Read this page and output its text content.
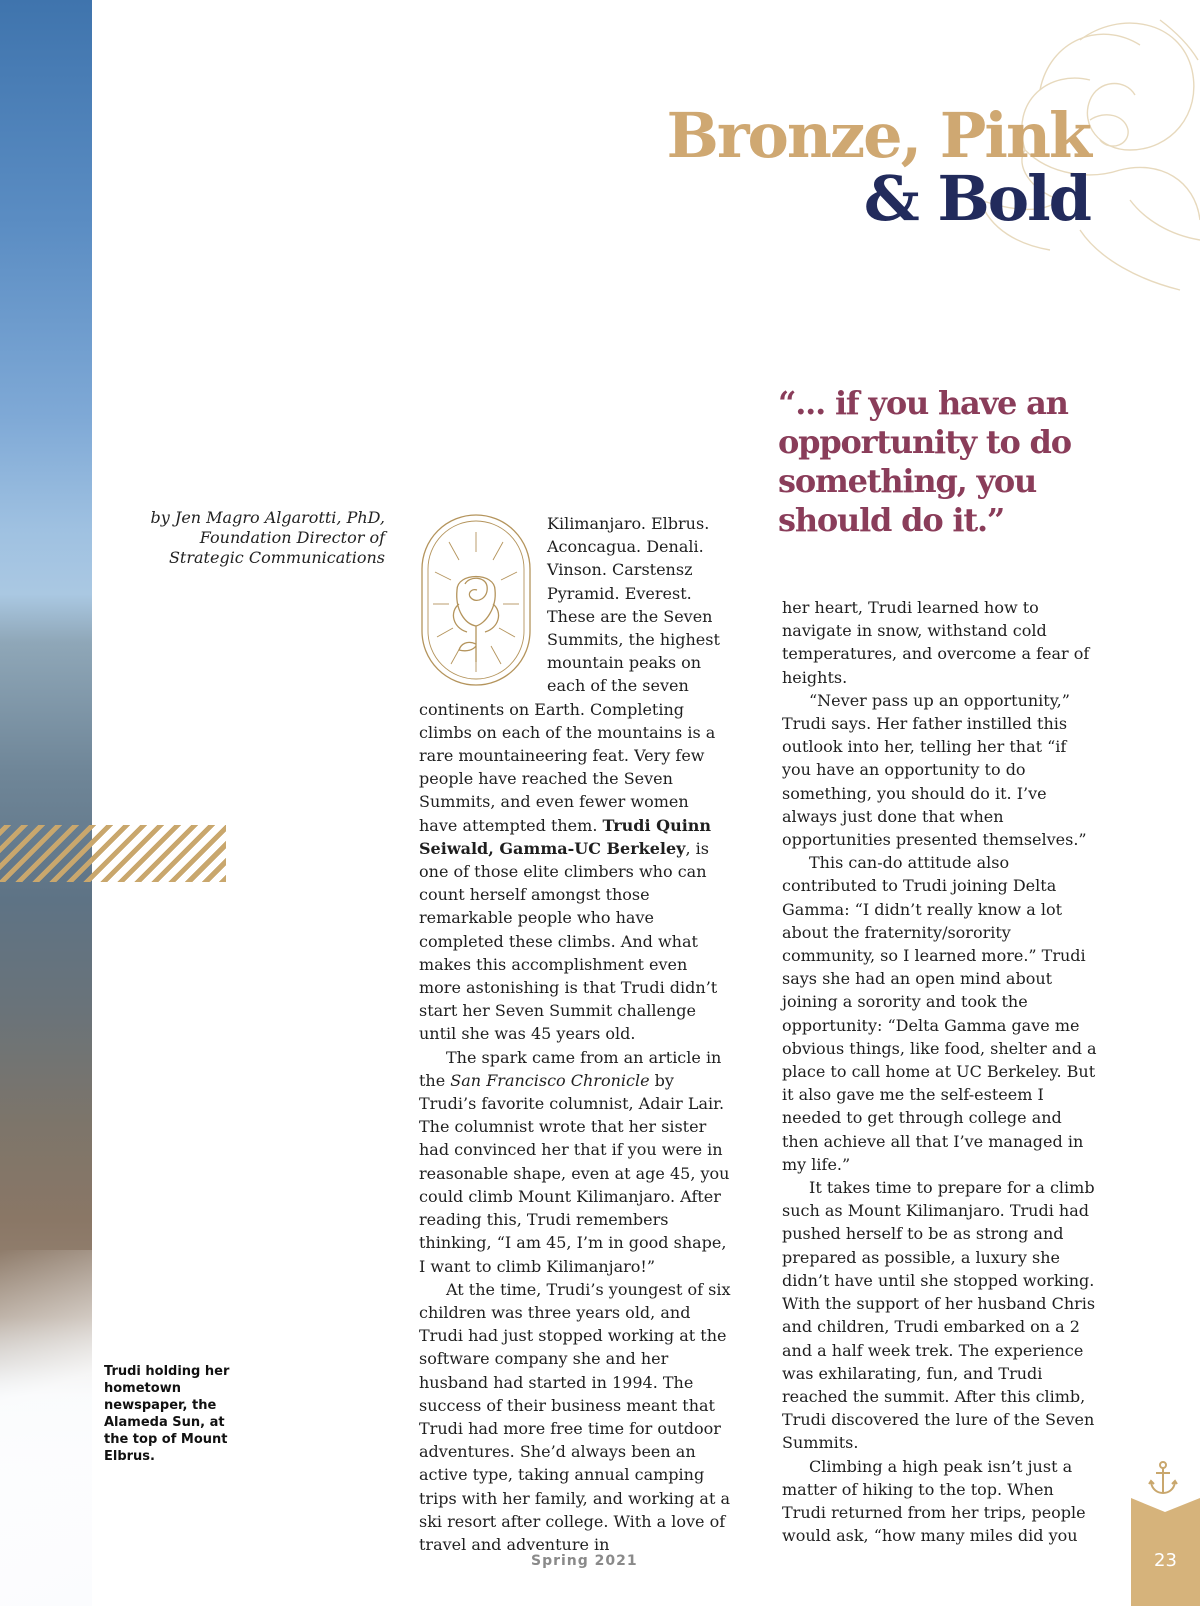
Bronze, Pink
& Bold
“... if you have an opportunity to do something, you should do it.”
by Jen Magro Algarotti, PhD, Foundation Director of Strategic Communications
Trudi holding her hometown newspaper, the Alameda Sun, at the top of Mount Elbrus.

Kilimanjaro. Elbrus. Aconcagua. Denali. Vinson. Carstensz Pyramid. Everest. These are the Seven Summits, the highest mountain peaks on each of the seven continents on Earth. Completing climbs on each of the mountains is a rare mountaineering feat. Very few people have reached the Seven Summits, and even fewer women have attempted them. Trudi Quinn Seiwald, Gamma-UC Berkeley, is one of those elite climbers who can count herself amongst those remarkable people who have completed these climbs. And what makes this accomplishment even more astonishing is that Trudi didn’t start her Seven Summit challenge until she was 45 years old.

The spark came from an article in the San Francisco Chronicle by Trudi’s favorite columnist, Adair Lair. The columnist wrote that her sister had convinced her that if you were in reasonable shape, even at age 45, you could climb Mount Kilimanjaro. After reading this, Trudi remembers thinking, “I am 45, I’m in good shape, I want to climb Kilimanjaro!”

At the time, Trudi’s youngest of six children was three years old, and Trudi had just stopped working at the software company she and her husband had started in 1994. The success of their business meant that Trudi had more free time for outdoor adventures. She’d always been an active type, taking annual camping trips with her family, and working at a ski resort after college. With a love of travel and adventure in

her heart, Trudi learned how to navigate in snow, withstand cold temperatures, and overcome a fear of heights.

“Never pass up an opportunity,” Trudi says. Her father instilled this outlook into her, telling her that “if you have an opportunity to do something, you should do it. I’ve always just done that when opportunities presented themselves.”

This can-do attitude also contributed to Trudi joining Delta Gamma: “I didn’t really know a lot about the fraternity/sorority community, so I learned more.” Trudi says she had an open mind about joining a sorority and took the opportunity: “Delta Gamma gave me obvious things, like food, shelter and a place to call home at UC Berkeley. But it also gave me the self-esteem I needed to get through college and then achieve all that I’ve managed in my life.”

It takes time to prepare for a climb such as Mount Kilimanjaro. Trudi had pushed herself to be as strong and prepared as possible, a luxury she didn’t have until she stopped working. With the support of her husband Chris and children, Trudi embarked on a 2 and a half week trek. The experience was exhilarating, fun, and Trudi reached the summit. After this climb, Trudi discovered the lure of the Seven Summits.

Climbing a high peak isn’t just a matter of hiking to the top. When Trudi returned from her trips, people would ask, “how many miles did you

Spring 2021	23
